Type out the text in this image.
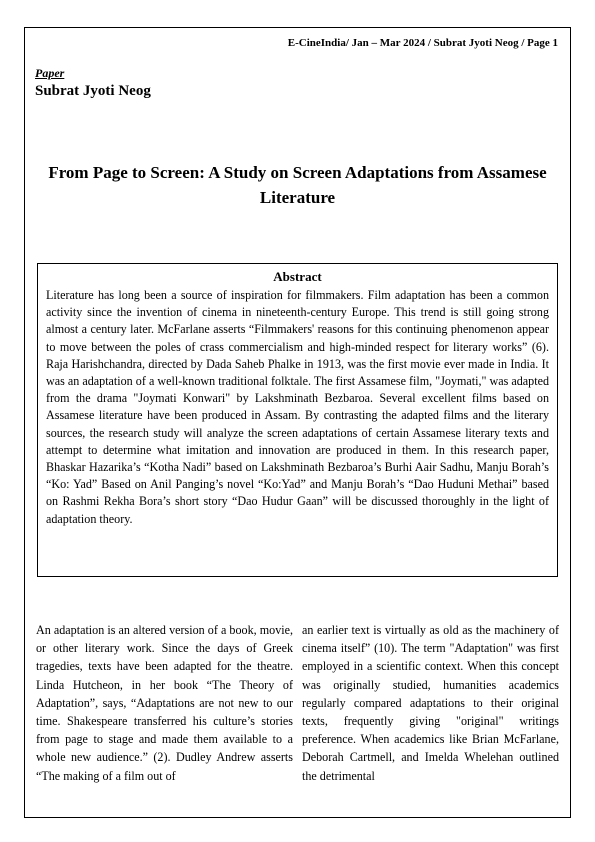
E-CineIndia/ Jan – Mar 2024 / Subrat Jyoti Neog / Page 1
Paper
Subrat Jyoti Neog
From Page to Screen: A Study on Screen Adaptations from Assamese Literature
Abstract

Literature has long been a source of inspiration for filmmakers. Film adaptation has been a common activity since the invention of cinema in nineteenth-century Europe. This trend is still going strong almost a century later. McFarlane asserts “Filmmakers' reasons for this continuing phenomenon appear to move between the poles of crass commercialism and high-minded respect for literary works” (6). Raja Harishchandra, directed by Dada Saheb Phalke in 1913, was the first movie ever made in India. It was an adaptation of a well-known traditional folktale. The first Assamese film, "Joymati," was adapted from the drama "Joymati Konwari" by Lakshminath Bezbaroa. Several excellent films based on Assamese literature have been produced in Assam. By contrasting the adapted films and the literary sources, the research study will analyze the screen adaptations of certain Assamese literary texts and attempt to determine what imitation and innovation are produced in them. In this research paper, Bhaskar Hazarika’s “Kotha Nadi” based on Lakshminath Bezbaroa’s Burhi Aair Sadhu, Manju Borah’s “Ko: Yad” Based on Anil Panging’s novel “Ko:Yad” and Manju Borah’s “Dao Huduni Methai” based on Rashmi Rekha Bora’s short story “Dao Hudur Gaan” will be discussed thoroughly in the light of adaptation theory.

An adaptation is an altered version of a book, movie, or other literary work. Since the days of Greek tragedies, texts have been adapted for the theatre. Linda Hutcheon, in her book “The Theory of Adaptation”, says, “Adaptations are not new to our time. Shakespeare transferred his culture’s stories from page to stage and made them available to a whole new audience.” (2). Dudley Andrew asserts “The making of a film out of

an earlier text is virtually as old as the machinery of cinema itself” (10). The term "Adaptation" was first employed in a scientific context. When this concept was originally studied, humanities academics regularly compared adaptations to their original texts, frequently giving "original" writings preference. When academics like Brian McFarlane, Deborah Cartmell, and Imelda Whelehan outlined the detrimental
